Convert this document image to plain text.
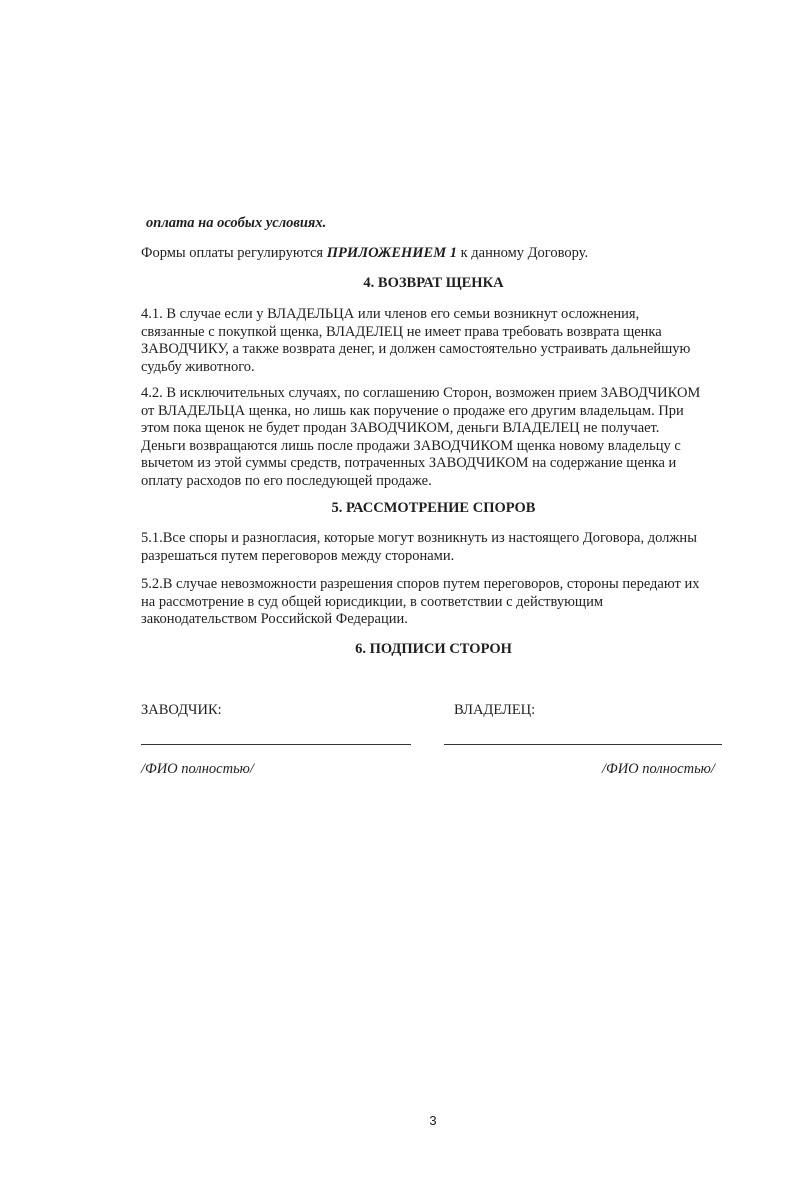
оплата на особых условиях.
Формы оплаты регулируются ПРИЛОЖЕНИЕМ 1 к данному Договору.
4. ВОЗВРАТ ЩЕНКА
4.1. В случае если у ВЛАДЕЛЬЦА или членов его семьи возникнут осложнения,
связанные с покупкой щенка, ВЛАДЕЛЕЦ не имеет права требовать возврата щенка
ЗАВОДЧИКУ, а также возврата денег, и должен самостоятельно устраивать дальнейшую
судьбу животного.
4.2. В исключительных случаях, по соглашению Сторон, возможен прием ЗАВОДЧИКОМ
от ВЛАДЕЛЬЦА щенка, но лишь как поручение о продаже его другим владельцам. При
этом пока щенок не будет продан ЗАВОДЧИКОМ, деньги ВЛАДЕЛЕЦ не получает.
Деньги возвращаются лишь после продажи ЗАВОДЧИКОМ щенка новому владельцу с
вычетом из этой суммы средств, потраченных ЗАВОДЧИКОМ на содержание щенка и
оплату расходов по его последующей продаже.
5. РАССМОТРЕНИЕ СПОРОВ
5.1.Все споры и разногласия, которые могут возникнуть из настоящего Договора, должны
разрешаться путем переговоров между сторонами.
5.2.В случае невозможности разрешения споров путем переговоров, стороны передают их
на рассмотрение в суд общей юрисдикции, в соответствии с действующим
законодательством Российской Федерации.
6. ПОДПИСИ СТОРОН
ЗАВОДЧИК:	ВЛАДЕЛЕЦ:
/ФИО полностью/	/ФИО полностью/
3
